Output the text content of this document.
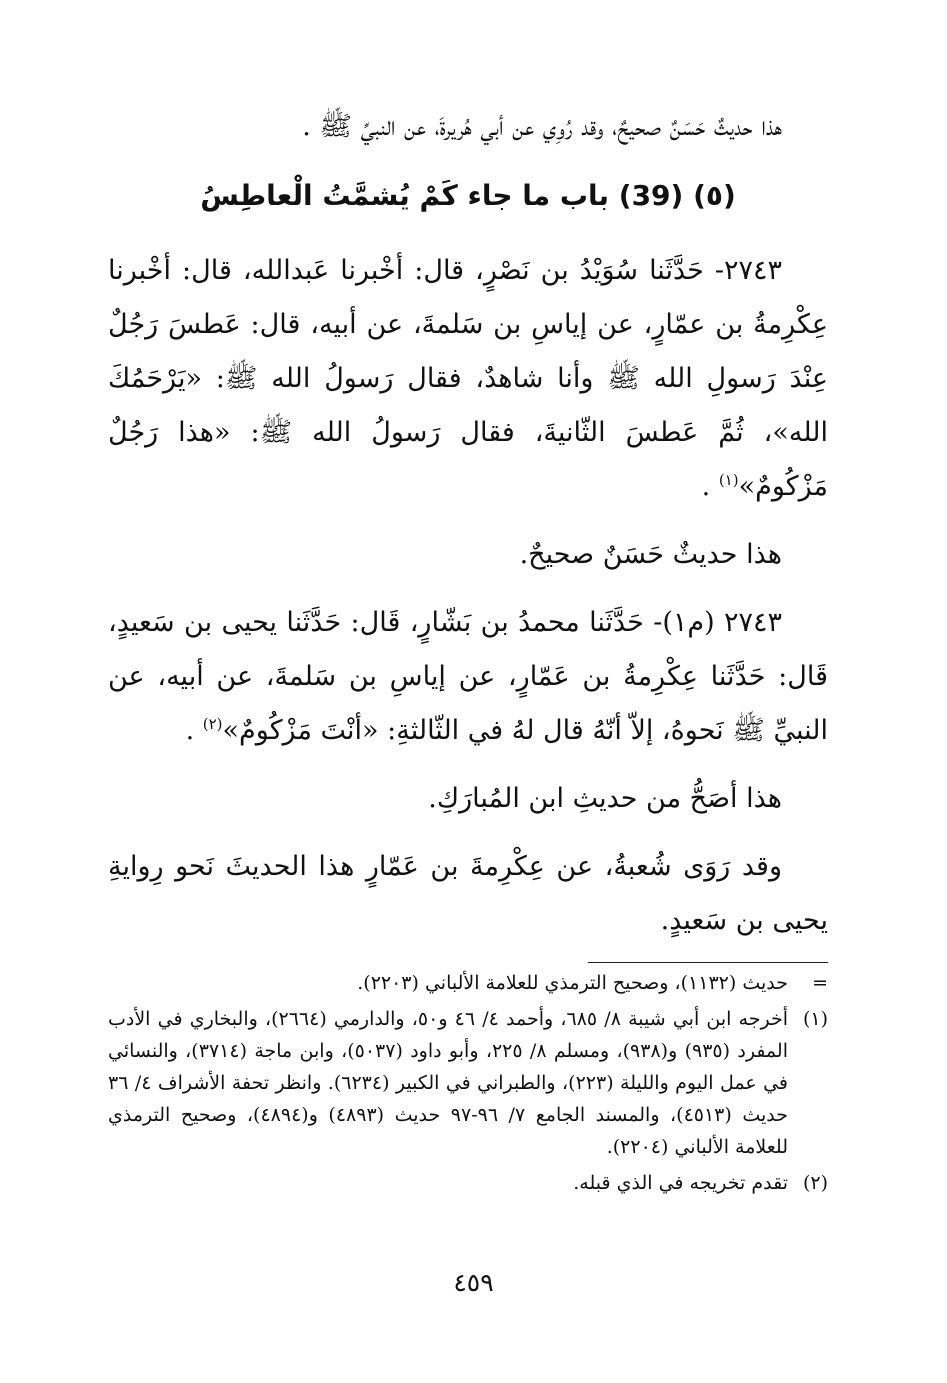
هذا حديثٌ حَسَنٌ صحيحٌ، وقد رُوِي عن أبي هُريرةَ، عن النبيِّ ﷺ .

(٥) (39) باب ما جاء كَمْ يُشمَّتُ الْعاطِسُ

٢٧٤٣- حَدَّثَنا سُوَيْدُ بن نَصْرٍ، قال: أخْبرنا عَبدالله، قال: أخْبرنا عِكْرِمةُ بن عمّارٍ، عن إياسِ بن سَلمةَ، عن أبيه، قال: عَطسَ رَجُلٌ عِنْدَ رَسولِ الله ﷺ وأنا شاهدٌ، فقال رَسولُ الله ﷺ: «يَرْحَمُكَ الله»، ثُمَّ عَطسَ الثّانيةَ، فقال رَسولُ الله ﷺ: «هذا رَجُلٌ مَزْكُومٌ»$^{(١)}$ .

هذا حديثٌ حَسَنٌ صحيحٌ.

٢٧٤٣ (م١)- حَدَّثَنا محمدُ بن بَشّارٍ، قَال: حَدَّثَنا يحيى بن سَعيدٍ، قَال: حَدَّثَنا عِكْرِمةُ بن عَمّارٍ، عن إياسِ بن سَلمةَ، عن أبيه، عن النبيِّ ﷺ نَحوهُ، إلاّ أنّهُ قال لهُ في الثّالثةِ: «أنْتَ مَزْكُومٌ»$^{(٢)}$ .

هذا أصَحُّ من حديثِ ابن المُبارَكِ.

وقد رَوَى شُعبةُ، عن عِكْرِمةَ بن عَمّارٍ هذا الحديثَ نَحو رِوايةِ يحيى بن سَعيدٍ.

=
حديث (١١٣٢)، وصحيح الترمذي للعلامة الألباني (٢٢٠٣).
(١)
أخرجه ابن أبي شيبة ٨/ ٦٨٥، وأحمد ٤/ ٤٦ و٥٠، والدارمي (٢٦٦٤)، والبخاري في الأدب المفرد (٩٣٥) و(٩٣٨)، ومسلم ٨/ ٢٢٥، وأبو داود (٥٠٣٧)، وابن ماجة (٣٧١٤)، والنسائي في عمل اليوم والليلة (٢٢٣)، والطبراني في الكبير (٦٢٣٤). وانظر تحفة الأشراف ٤/ ٣٦ حديث (٤٥١٣)، والمسند الجامع ٧/ ٩٦-٩٧ حديث (٤٨٩٣) و(٤٨٩٤)، وصحيح الترمذي للعلامة الألباني (٢٢٠٤).
(٢)
تقدم تخريجه في الذي قبله.
٤٥٩
